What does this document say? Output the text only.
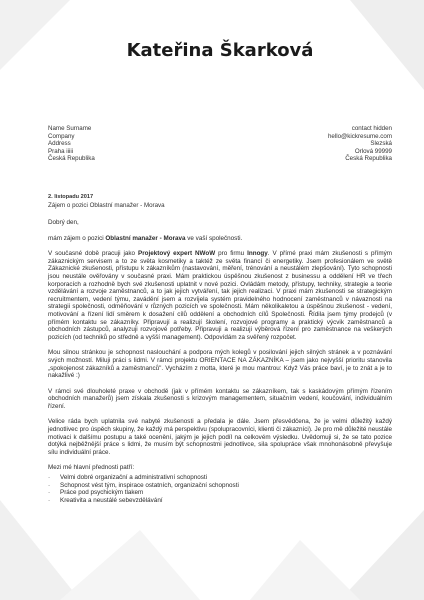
Kateřina Škarková
Name Surname
Company
Address
Praha iiiii
Česká Republika
contact hidden
hello@kickresume.com
Slezská
Orlová 99999
Česká Republika
2. listopadu 2017
Zájem o pozici Oblastní manažer - Morava

Dobrý den,

mám zájem o pozici Oblastní manažer - Morava ve vaší společnosti.

V současné době pracuji jako Projektový expert NWoW pro firmu Innogy. V přímé praxi mám zkušenosti s přímým zákaznickým servisem a to ze světa kosmetiky a taktéž ze světa financí či energetiky. Jsem profesionálem ve světě Zákaznické zkušenosti, přístupu k zákazníkům (nastavování, měření, trénování a neustálém zlepšování). Tyto schopnosti jsou neustále ověřovány v současné praxi. Mám praktickou úspěšnou zkušenost z businessu a oddělení HR ve třech korporacích a rozhodně bych své zkušenosti uplatnit v nové pozici. Ovládám metody, přístupy, techniky, strategie a teorie vzdělávání a rozvoje zaměstnanců, a to jak jejich vytváření, tak jejich realizaci. V praxi mám zkušenosti se strategickým recruitmentem, vedení týmu, zavádění jsem a rozvíjela systém pravidelného hodnocení zaměstnanců v návaznosti na strategii společnosti, odměňování v různých pozicích ve společnosti. Mám několikaletou a úspěšnou zkušenost - vedení, motivování a řízení lidí směrem k dosažení cílů oddělení a obchodních cílů Společnosti. Řídila jsem týmy prodejců (v přímém kontaktu se zákazníky. Připravují a realizují školení, rozvojové programy a praktický výcvik zaměstnanců a obchodních zástupců, analyzuji rozvojové potřeby. Připravuji a realizuji výběrová řízení pro zaměstnance na veškerých pozicích (od techniků po středně a vyšší management). Odpovídám za svěřený rozpočet.

Mou silnou stránkou je schopnost naslouchání a podpora mých kolegů v posilování jejich silných stránek a v poznávání svých možností. Miluji práci s lidmi. V rámci projektu ORIENTACE NA ZÁKAZNÍKA – jsem jako nejvyšší prioritu stanovila „spokojenost zákazníků a zaměstnanců". Vycházím z motta, které je mou mantrou: Když Vás práce baví, je to znát a je to nakažlivé :)

V rámci své dlouholeté praxe v obchodě (jak v přímém kontaktu se zákazníkem, tak s kaskádovým přímým řízením obchodních manažerů) jsem získala zkušenosti s krizovým managementem, situačním vedení, koučování, individuálním řízení.

Velice ráda bych uplatnila své nabyté zkušenosti a předala je dále. Jsem přesvědčena, že je velmi důležitý každý jednotlivec pro úspěch skupiny, že každý má perspektivu (spolupracovníci, klienti či zákazníci). Je pro mě důležité neustále motivaci k dalšímu postupu a také ocenění, jakým je jejich podíl na celkovém výsledku. Uvědomuji si, že se tato pozice dotýká nejběžnější práce s lidmi, že musím být schopnostmi jednotlivce, sila spolupráce však mnohonásobně převyšuje sílu individuální práce.

Mezi mé hlavní přednosti patří:

· Velmi dobré organizační a administrativní schopnosti
· Schopnost vést tým, inspirace ostatních, organizační schopnosti
· Práce pod psychickým tlakem
· Kreativita a neustálé sebevzdělávání
